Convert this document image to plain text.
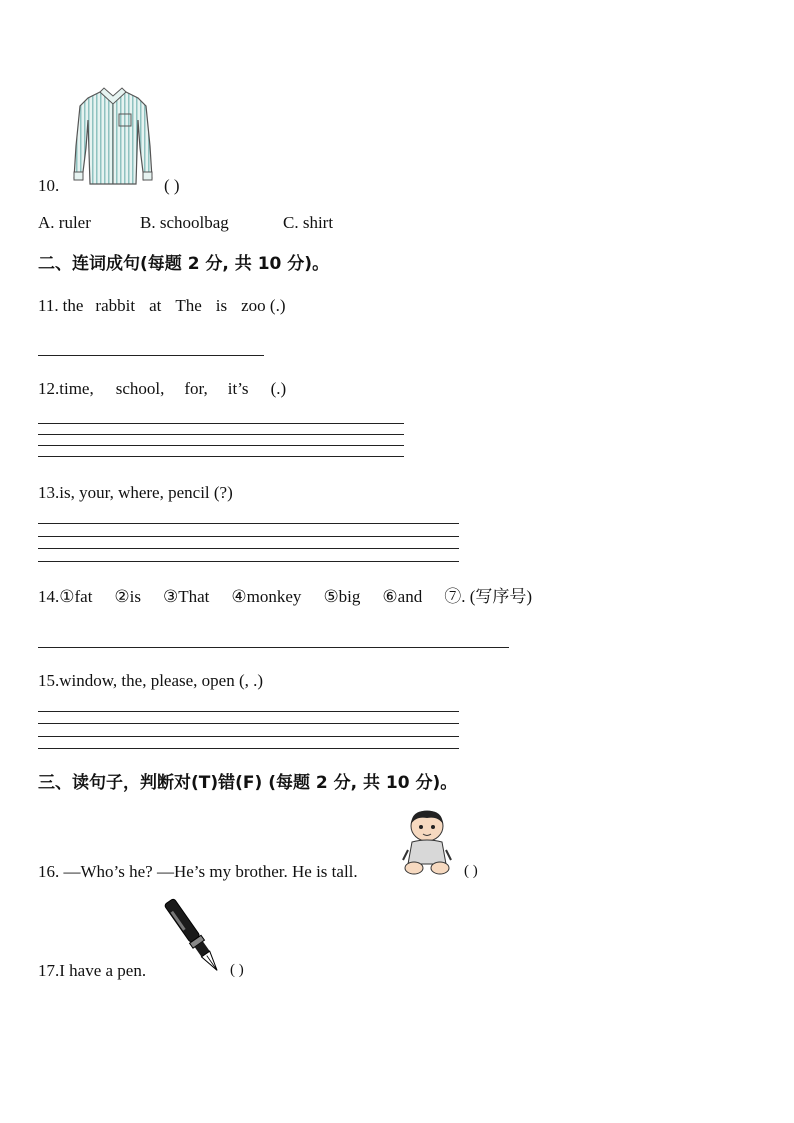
10.	( )
A. ruler	B. schoolbag	C. shirt
二、连词成句(每题 2 分, 共 10 分)。
11. the rabbit at The is zoo (.)
12.time, school, for, it’s (.)
13.is, your, where, pencil (?)
14.①fat ②is ③That ④monkey ⑤big ⑥and ⑦. (写序号)
15.window, the, please, open (, .)
三、读句子，判断对(T)错(F) (每题 2 分, 共 10 分)。
16. —Who’s he? —He’s my brother. He is tall.	( )
17.I have a pen.	( )
